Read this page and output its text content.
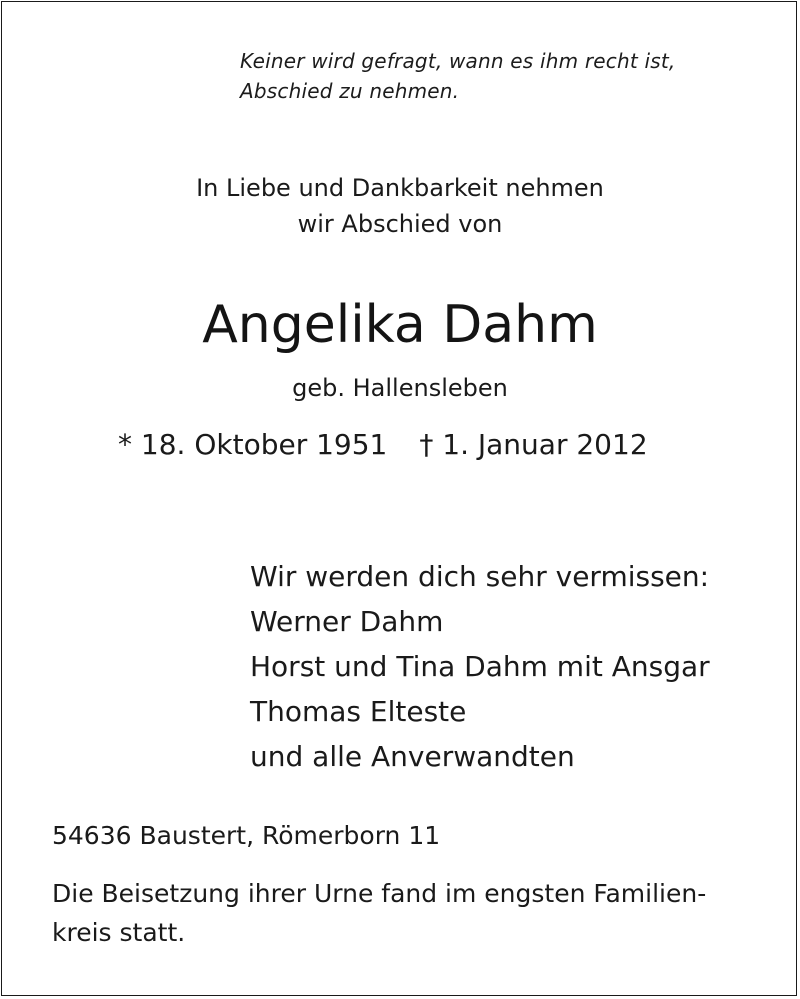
Keiner wird gefragt, wann es ihm recht ist,
Abschied zu nehmen.
In Liebe und Dankbarkeit nehmen
wir Abschied von
Angelika Dahm
geb. Hallensleben
* 18. Oktober 1951 † 1. Januar 2012
Wir werden dich sehr vermissen:
Werner Dahm
Horst und Tina Dahm mit Ansgar
Thomas Elteste
und alle Anverwandten
54636 Baustert, Römerborn 11
Die Beisetzung ihrer Urne fand im engsten Familien-
kreis statt.
